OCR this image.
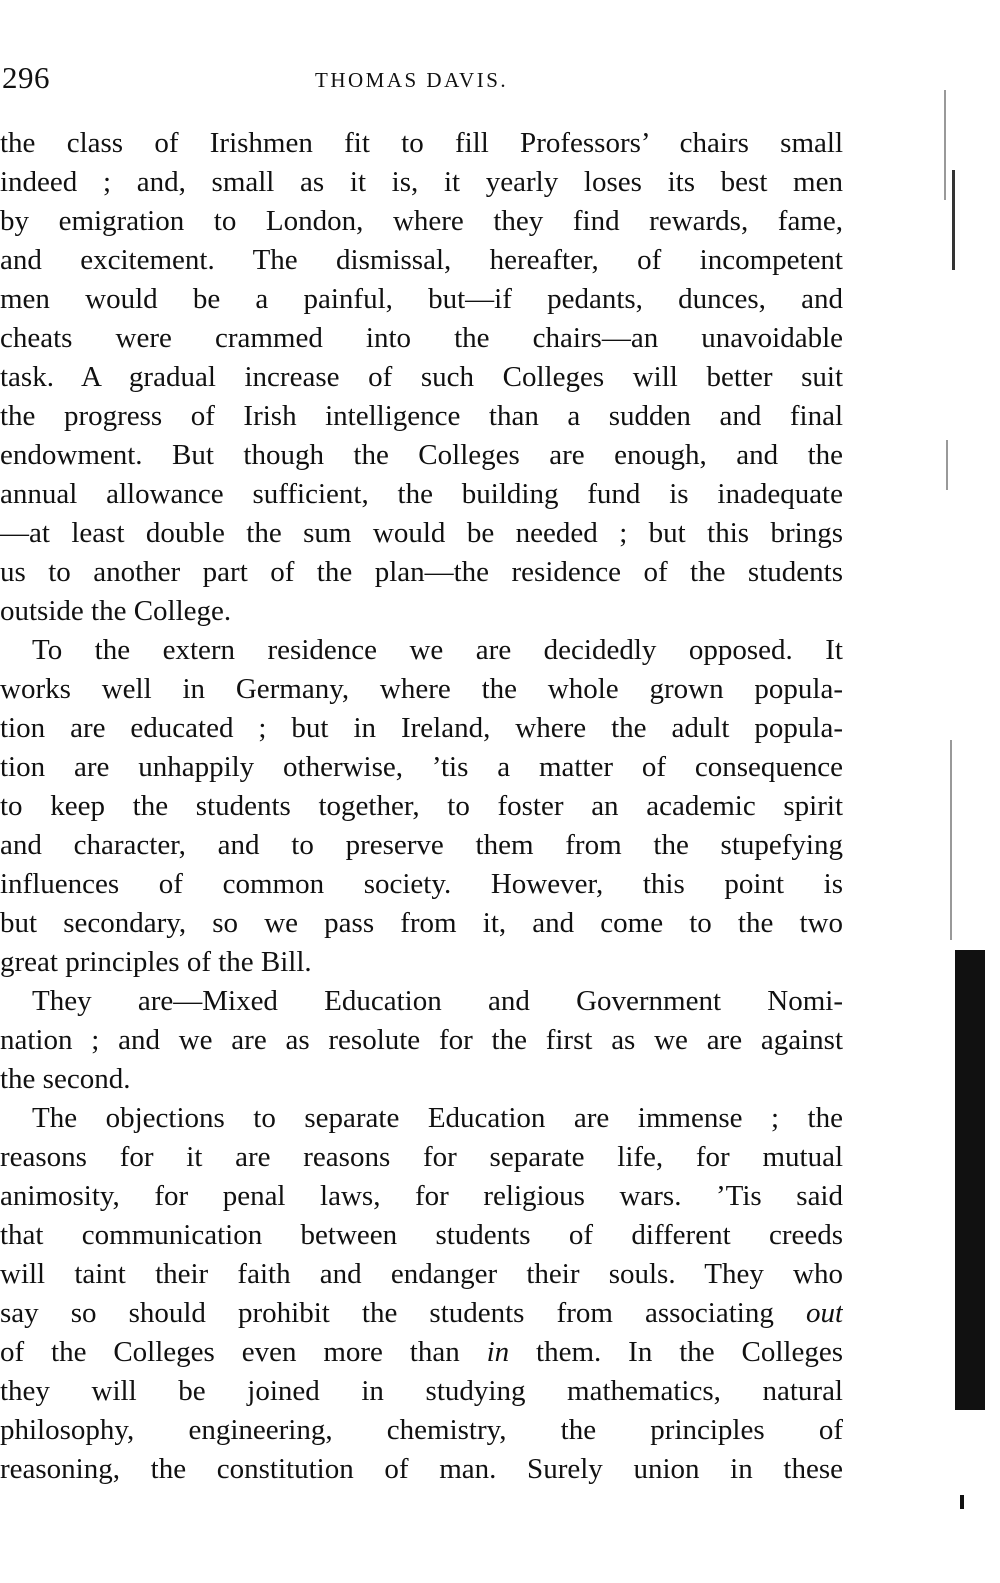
296	THOMAS DAVIS.
the class of Irishmen fit to fill Professors’ chairs small
indeed ; and, small as it is, it yearly loses its best men
by emigration to London, where they find rewards, fame,
and excitement. The dismissal, hereafter, of incompetent
men would be a painful, but—if pedants, dunces, and
cheats were crammed into the chairs—an unavoidable
task. A gradual increase of such Colleges will better suit
the progress of Irish intelligence than a sudden and final
endowment. But though the Colleges are enough, and the
annual allowance sufficient, the building fund is inadequate
—at least double the sum would be needed ; but this brings
us to another part of the plan—the residence of the students
outside the College.
To the extern residence we are decidedly opposed. It
works well in Germany, where the whole grown popula-
tion are educated ; but in Ireland, where the adult popula-
tion are unhappily otherwise, ’tis a matter of consequence
to keep the students together, to foster an academic spirit
and character, and to preserve them from the stupefying
influences of common society. However, this point is
but secondary, so we pass from it, and come to the two
great principles of the Bill.
They are—Mixed Education and Government Nomi-
nation ; and we are as resolute for the first as we are against
the second.
The objections to separate Education are immense ; the
reasons for it are reasons for separate life, for mutual
animosity, for penal laws, for religious wars. ’Tis said
that communication between students of different creeds
will taint their faith and endanger their souls. They who
say so should prohibit the students from associating out
of the Colleges even more than in them. In the Colleges
they will be joined in studying mathematics, natural
philosophy, engineering, chemistry, the principles of
reasoning, the constitution of man. Surely union in these
